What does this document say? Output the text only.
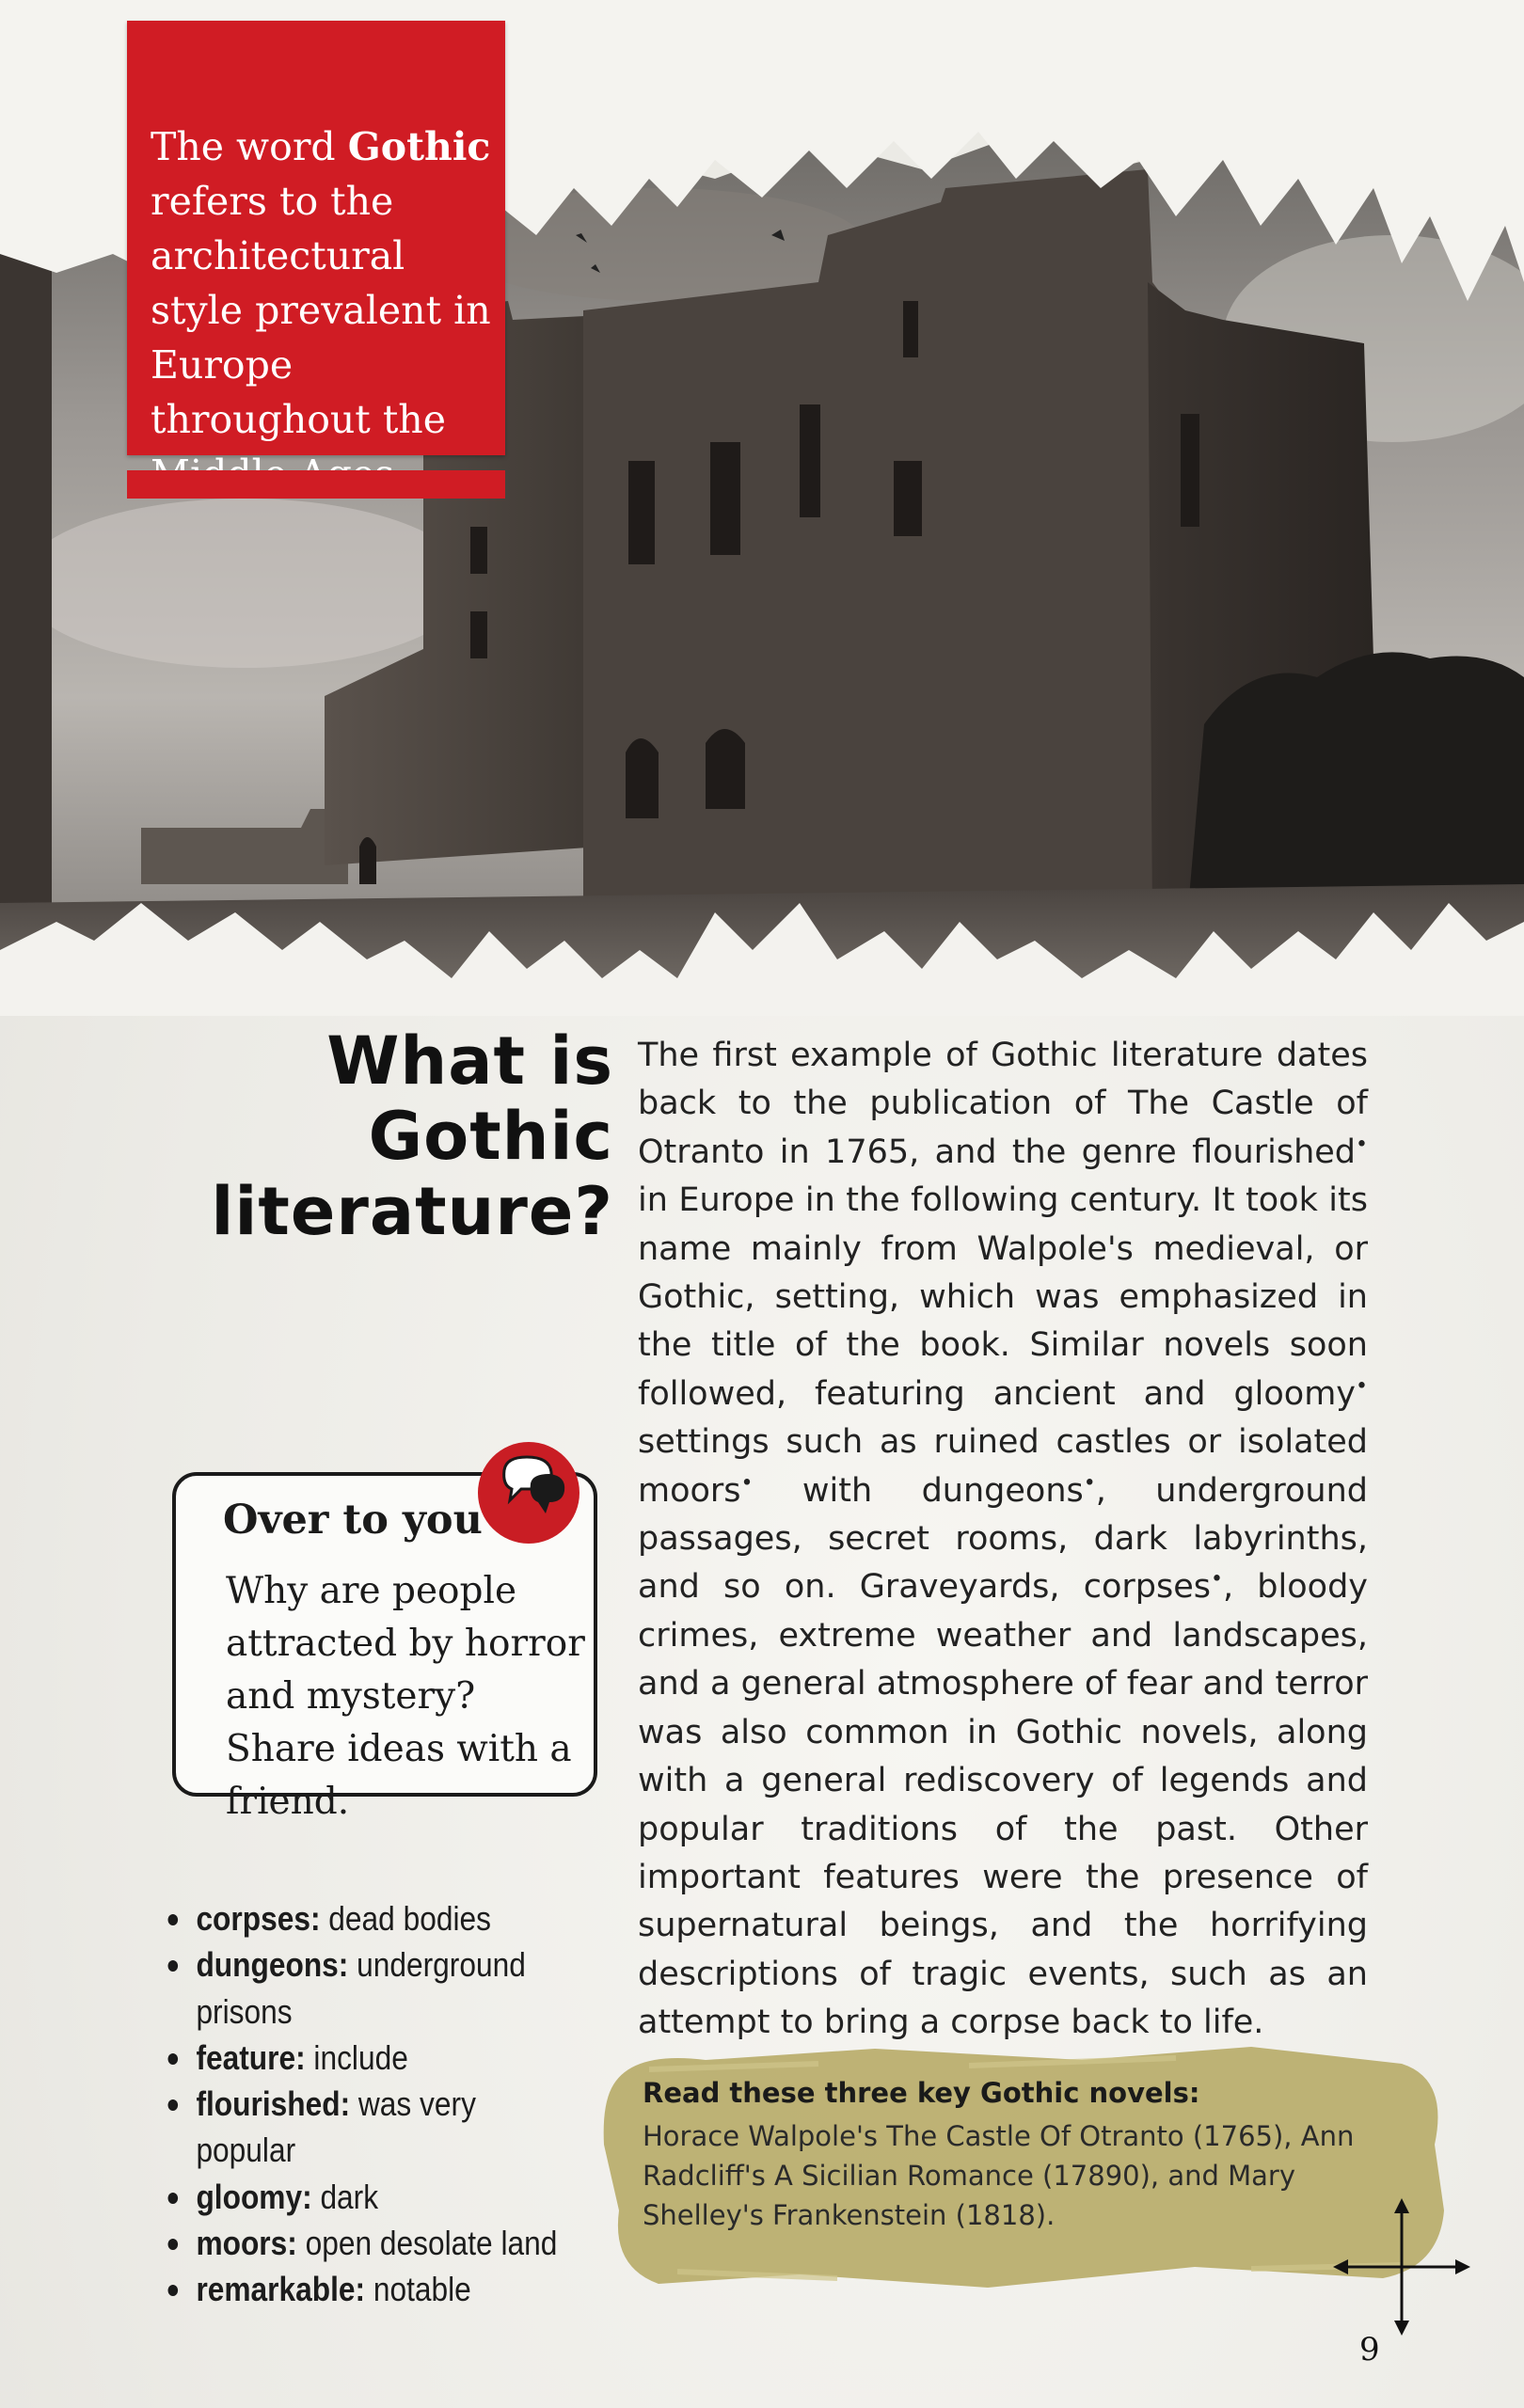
The word Gothic refers to the architectural style prevalent in Europe throughout the
What is
Gothic
literature?
The first example of Gothic literature dates back to the publication of The Castle of Otranto in 1765, and the genre flourished• in Europe in the following century. It took its name mainly from Walpole's medieval, or Gothic, setting, which was emphasized in the title of the book. Similar novels soon followed, featuring ancient and gloomy• settings such as ruined castles or isolated moors• with dungeons•, underground passages, secret rooms, dark labyrinths, and so on. Graveyards, corpses•, bloody crimes, extreme weather and landscapes, and a general atmosphere of fear and terror was also common in Gothic novels, along with a general rediscovery of legends and popular traditions of the past. Other important features were the presence of supernatural beings, and the horrifying descriptions of tragic events, such as an attempt to bring a corpse back to life.
Over to you
Why are people attracted by horror and mystery? Share ideas with a friend.
corpses: dead bodies
dungeons: underground prisons
feature: include
flourished: was very popular
gloomy: dark
moors: open desolate land
remarkable: notable
Read these three key Gothic novels:
Horace Walpole's The Castle Of Otranto (1765), Ann Radcliff's A Sicilian Romance (17890), and Mary Shelley's Frankenstein (1818).
9
